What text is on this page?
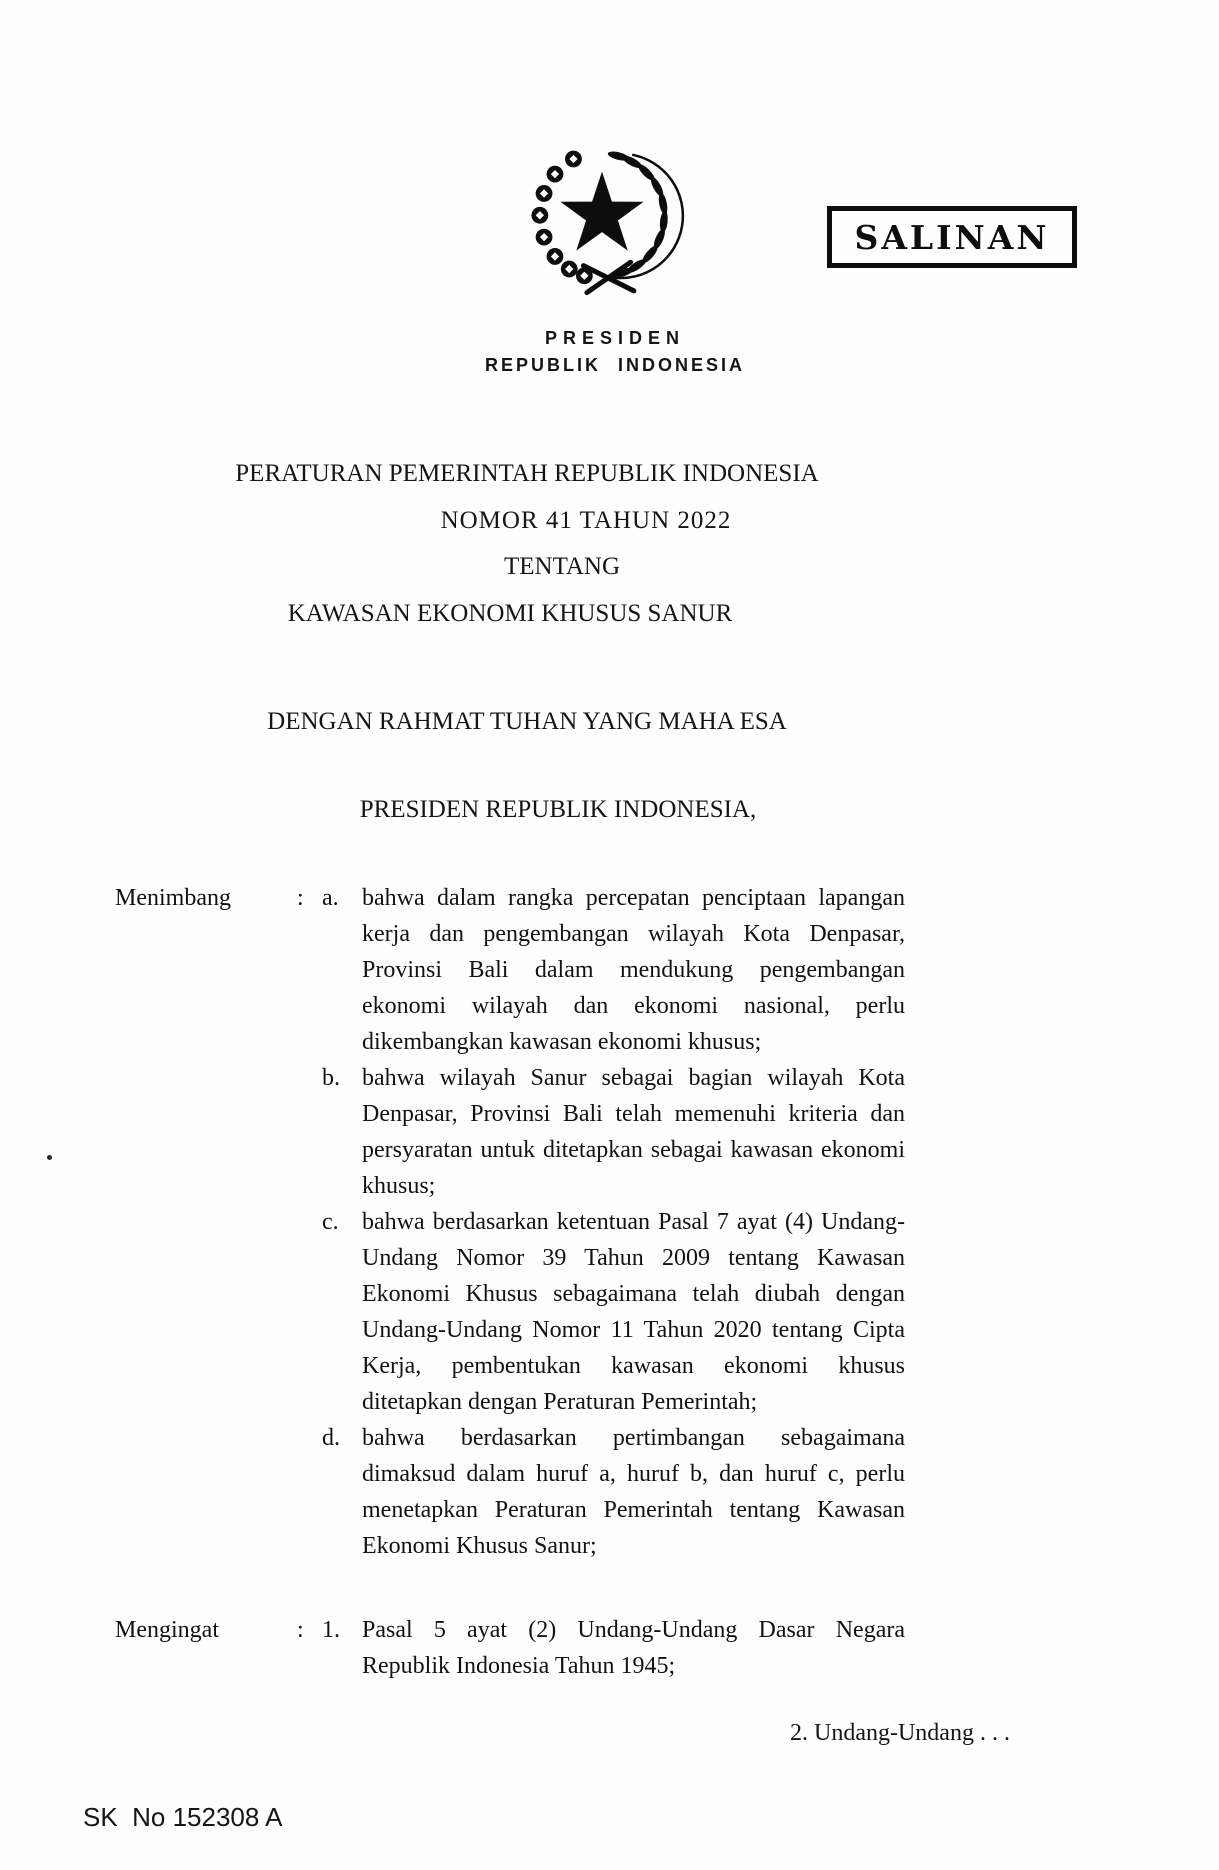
SALINAN
PRESIDEN
REPUBLIK INDONESIA
PERATURAN PEMERINTAH REPUBLIK INDONESIA
NOMOR 41 TAHUN 2022
TENTANG
KAWASAN EKONOMI KHUSUS SANUR
DENGAN RAHMAT TUHAN YANG MAHA ESA
PRESIDEN REPUBLIK INDONESIA,
Menimbang	: a. bahwa dalam rangka percepatan penciptaan lapangan kerja dan pengembangan wilayah Kota Denpasar, Provinsi Bali dalam mendukung pengembangan ekonomi wilayah dan ekonomi nasional, perlu dikembangkan kawasan ekonomi khusus;
b. bahwa wilayah Sanur sebagai bagian wilayah Kota Denpasar, Provinsi Bali telah memenuhi kriteria dan persyaratan untuk ditetapkan sebagai kawasan ekonomi khusus;
c. bahwa berdasarkan ketentuan Pasal 7 ayat (4) Undang-Undang Nomor 39 Tahun 2009 tentang Kawasan Ekonomi Khusus sebagaimana telah diubah dengan Undang-Undang Nomor 11 Tahun 2020 tentang Cipta Kerja, pembentukan kawasan ekonomi khusus ditetapkan dengan Peraturan Pemerintah;
d. bahwa berdasarkan pertimbangan sebagaimana dimaksud dalam huruf a, huruf b, dan huruf c, perlu menetapkan Peraturan Pemerintah tentang Kawasan Ekonomi Khusus Sanur;
Mengingat	: 1. Pasal 5 ayat (2) Undang-Undang Dasar Negara Republik Indonesia Tahun 1945;
2. Undang-Undang . . .
SK  No 152308 A
